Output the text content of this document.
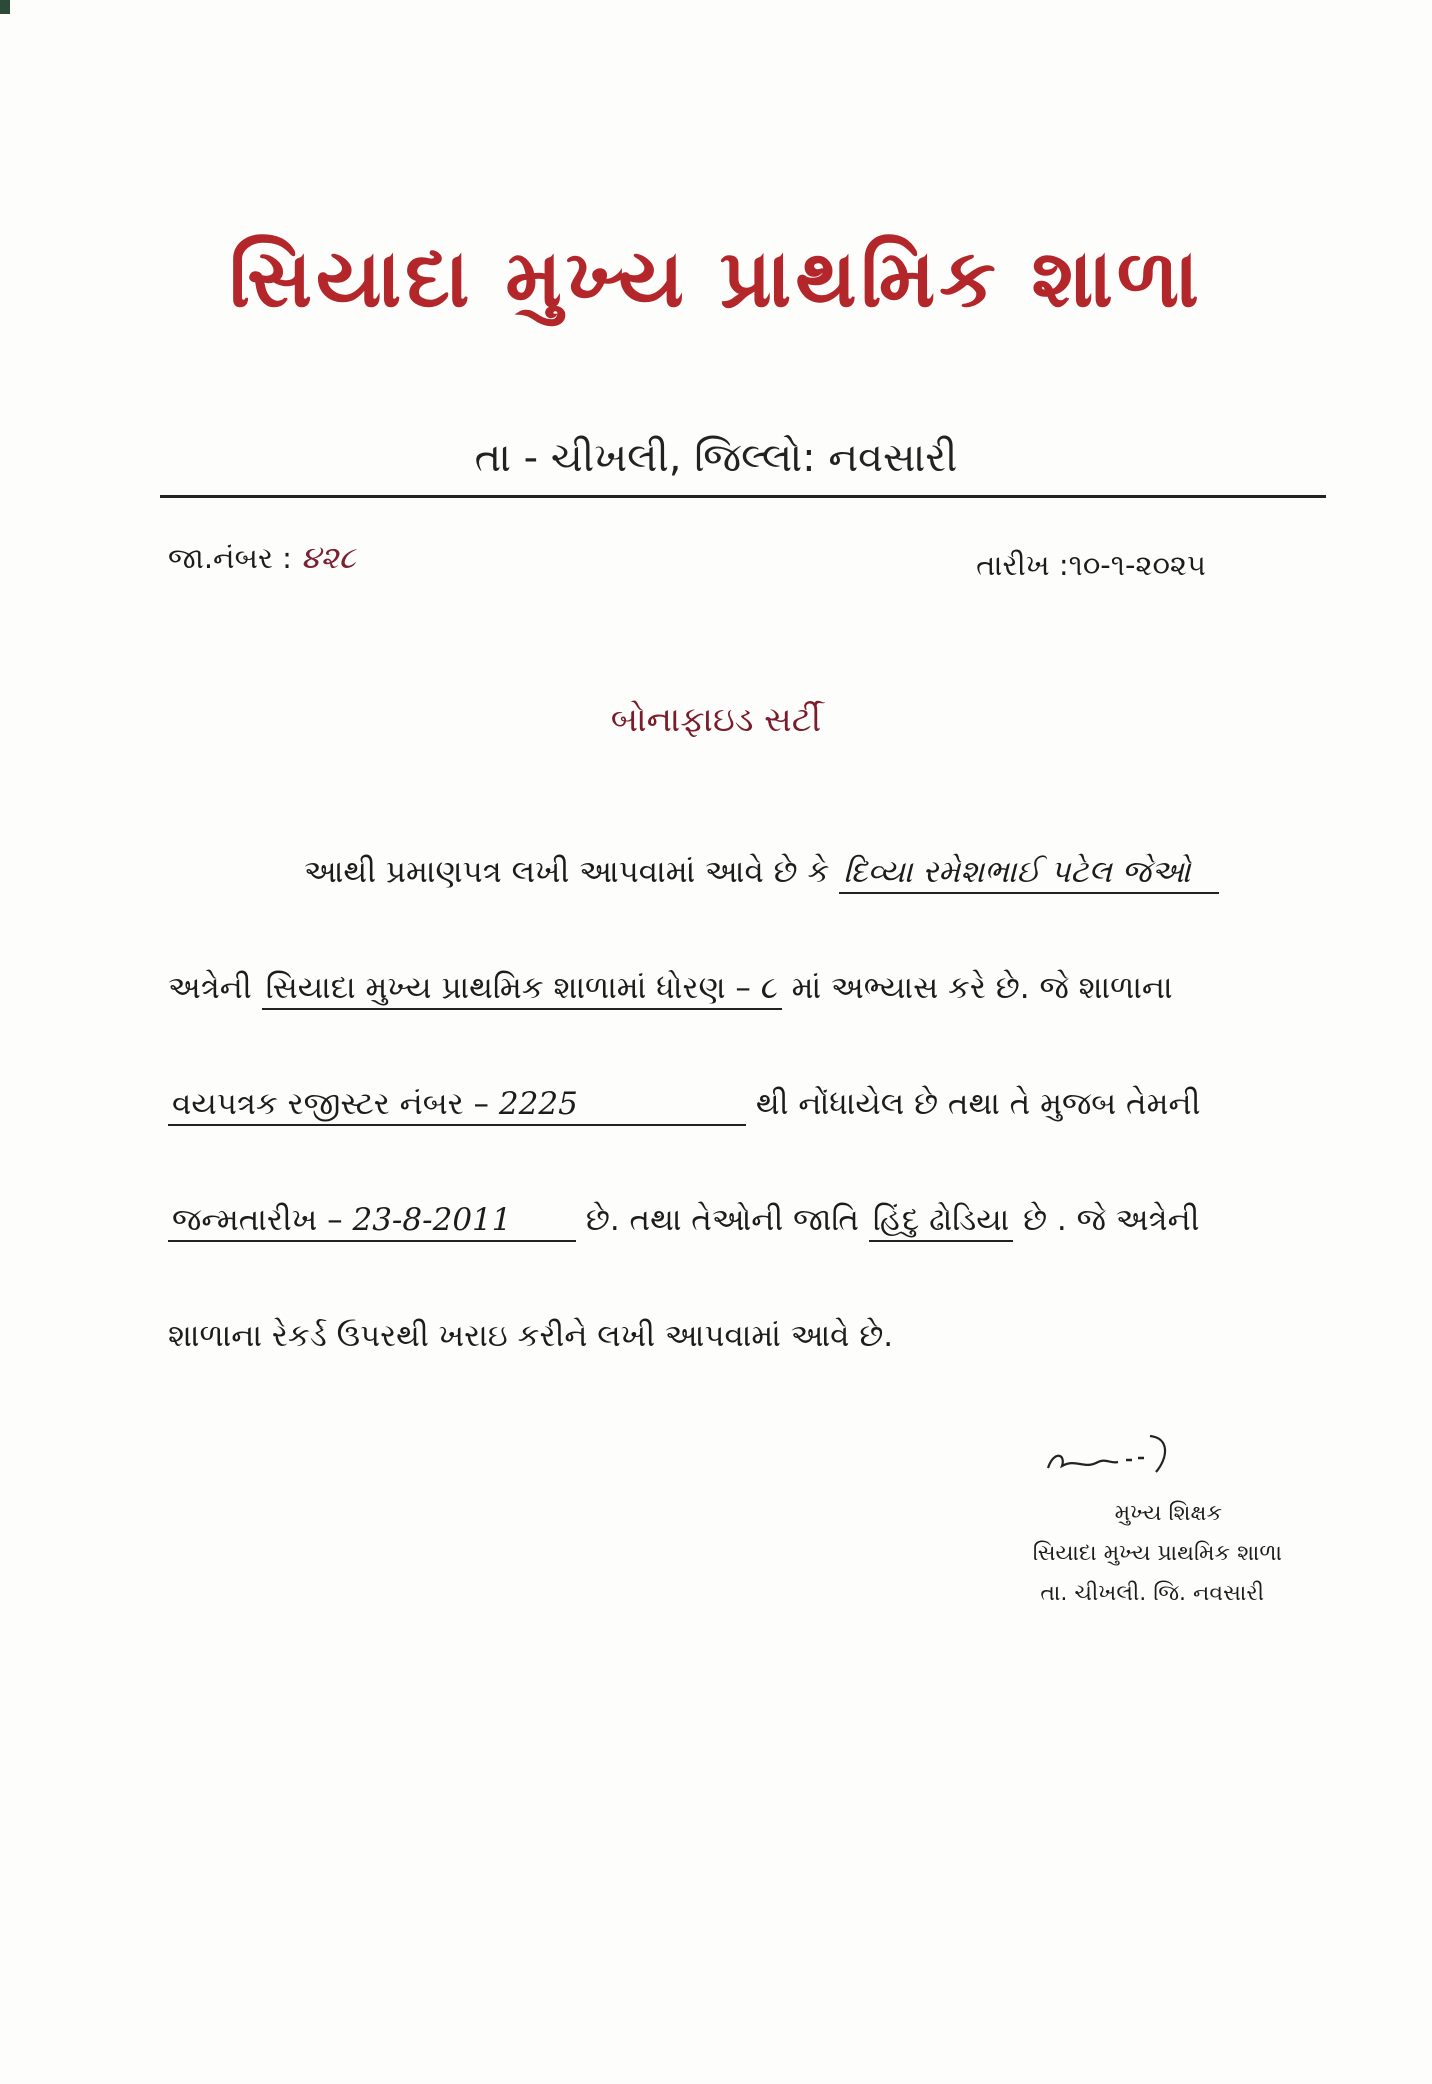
સિયાદા મુખ્ય પ્રાથમિક શાળા
તા - ચીખલી, જિલ્લો: નવસારી
જા.નંબર : ૪૨૮	તારીખ :૧૦-૧-૨૦૨૫
બોનાફાઇડ સર્ટી
આથી પ્રમાણપત્ર લખી આપવામાં આવે છે કે દિવ્યા રમેશભાઈ પટેલ જેઓ
અત્રેની સિયાદા મુખ્ય પ્રાથમિક શાળામાં ધોરણ – ૮ માં અભ્યાસ કરે છે. જે શાળાના
વયપત્રક રજીસ્ટર નંબર – 2225	થી નોંધાયેલ છે તથા તે મુજબ તેમની
જન્મતારીખ – 23-8-2011 છે. તથા તેઓની જાતિ હિંદુ ઢોડિયા છે . જે અત્રેની
શાળાના રેકર્ડ ઉપરથી ખરાઇ કરીને લખી આપવામાં આવે છે.
મુખ્ય શિક્ષક
સિયાદા મુખ્ય પ્રાથમિક શાળા
તા. ચીખલી. જિ. નવસારી
